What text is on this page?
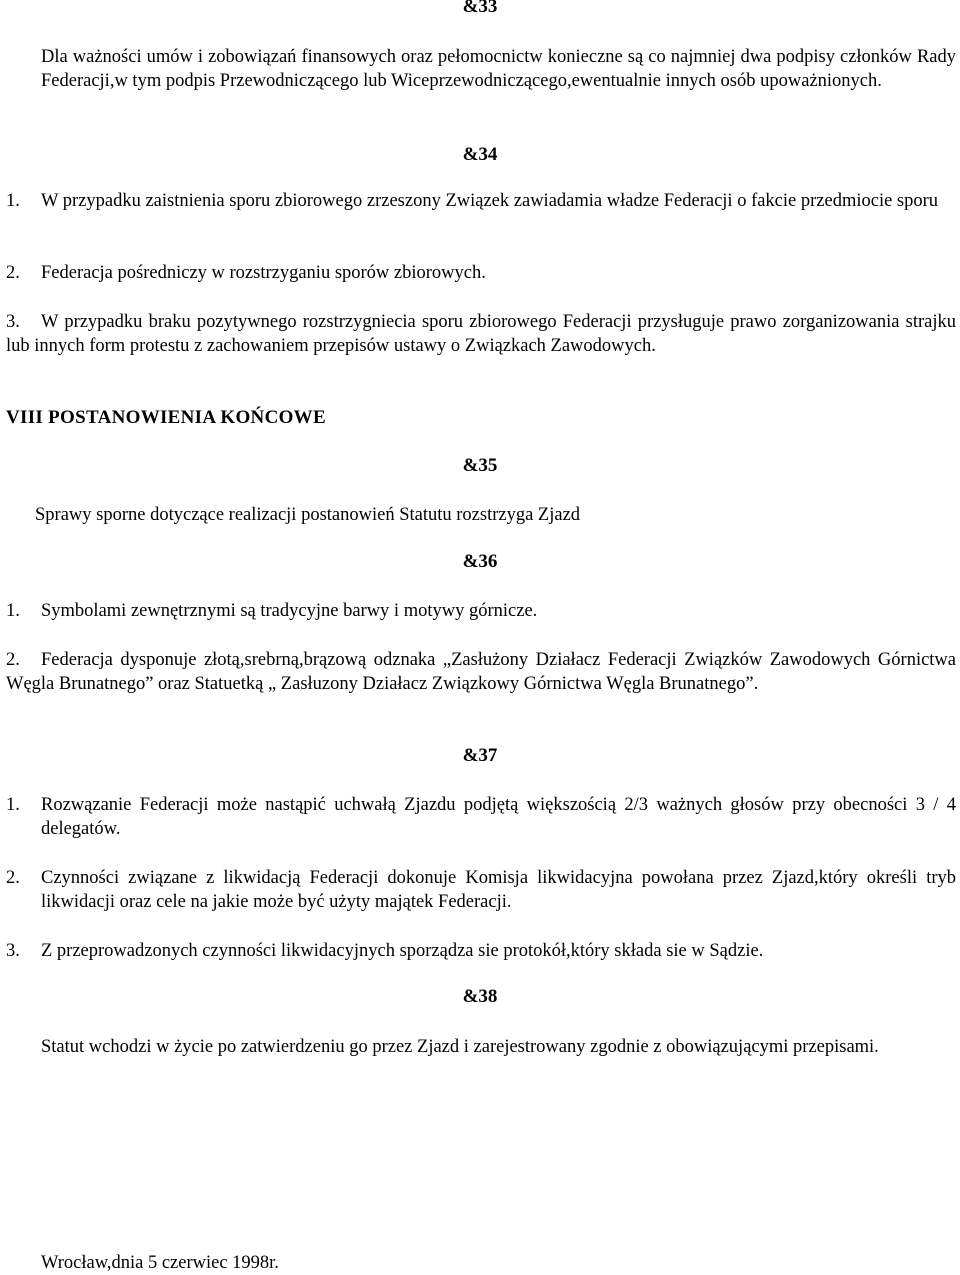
&33
Dla ważności umów i zobowiązań finansowych oraz pełomocnictw konieczne są co najmniej dwa podpisy członków Rady Federacji,w tym podpis Przewodniczącego lub Wiceprzewodniczącego,ewentualnie innych osób upoważnionych.
&34
1. W przypadku zaistnienia sporu zbiorowego zrzeszony Związek zawiadamia władze Federacji o fakcie przedmiocie sporu
2. Federacja pośredniczy w rozstrzyganiu sporów zbiorowych.
3.	W przypadku braku pozytywnego rozstrzygniecia sporu zbiorowego Federacji przysługuje prawo zorganizowania strajku lub innych form protestu z zachowaniem przepisów ustawy o Związkach Zawodowych.
VIII POSTANOWIENIA KOŃCOWE
&35
Sprawy sporne dotyczące realizacji postanowień Statutu rozstrzyga Zjazd
&36
1. Symbolami zewnętrznymi są tradycyjne barwy i motywy górnicze.
2.	Federacja dysponuje złotą,srebrną,brązową odznaka „Zasłużony Działacz Federacji Związków Zawodowych Górnictwa Węgla Brunatnego” oraz Statuetką „ Zasłuzony Działacz Związkowy Górnictwa Węgla Brunatnego”.
&37
1. Rozwązanie Federacji może nastąpić uchwałą Zjazdu podjętą większością 2/3 ważnych głosów przy obecności 3 / 4 delegatów.
2. Czynności związane z likwidacją Federacji dokonuje Komisja likwidacyjna powołana przez Zjazd,który określi tryb likwidacji oraz cele na jakie może być użyty majątek Federacji.
3. Z przeprowadzonych czynności likwidacyjnych sporządza sie protokół,który składa sie w Sądzie.
&38
Statut wchodzi w życie po zatwierdzeniu go przez Zjazd i zarejestrowany zgodnie z obowiązującymi przepisami.
Wrocław,dnia 5 czerwiec 1998r.
